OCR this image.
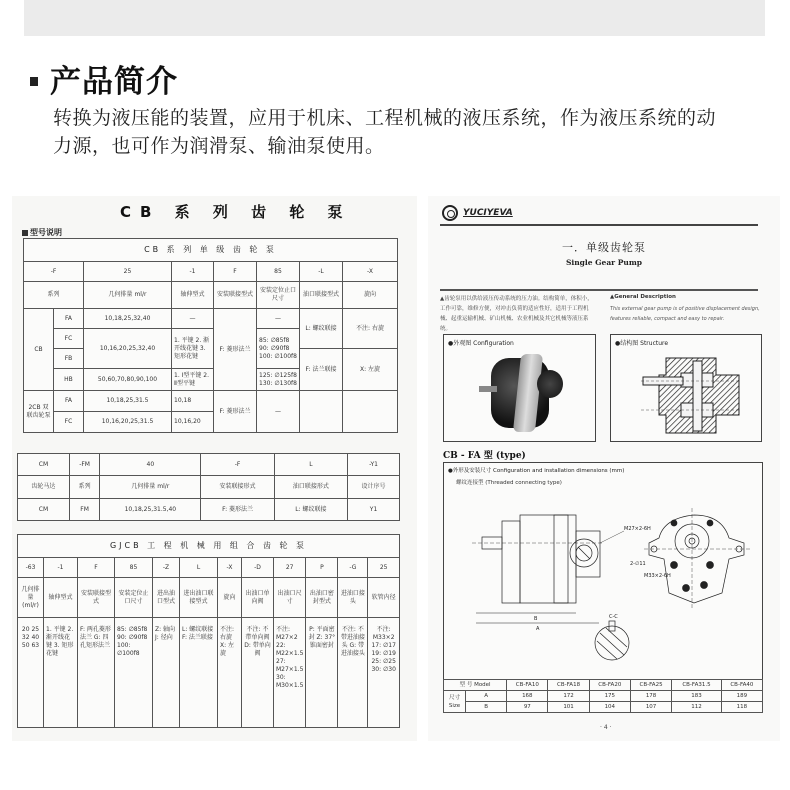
产品简介
转换为液压能的装置，应用于机床、工程机械的液压系统，作为液压系统的动力源，也可作为润滑泵、输油泵使用。
CB 系 列 齿 轮 泵
型号说明
CB 系 列 单 级 齿 轮 泵							
-F		25	-1	F	85	-L	-X
系列		几何排量 ml/r	轴伸型式	安装联接型式	安装定位止口尺寸	油口联接型式	旋向
CB	FA	10,18,25,32,40	—	F: 菱形法兰	—	L: 螺纹联接	不注: 右旋
	FC	10,16,20,25,32,40	1. 平键 2. 渐开线花键 3. 矩形花键		85: ∅85f8 90: ∅90f8 100: ∅100f8		
	FB					F: 法兰联接	X: 左旋
	HB	50,60,70,80,90,100	1. Ⅰ型平键 2. Ⅱ型平键		125: ∅125f8 130: ∅130f8		
2CB 双联齿轮泵	FA	10,18,25,31.5	10,18	F: 菱形法兰	—		
	FC	10,16,20,25,31.5	10,16,20				
CM	-FM	40	-F	L	-Y1
齿轮马达	系列	几何排量 ml/r	安装联接形式	油口联接形式	设计序号
CM	FM	10,18,25,31.5,40	F: 菱形法兰	L: 螺纹联接	Y1
GJCB 工 程 机 械 用 组 合 齿 轮 泵											
-63	-1	F	85	-Z	L	-X	-D	27	P	-G	25
几何排量 (ml/r)	轴伸型式	安装联接型式	安装定位止口尺寸	进出油口型式	进出油口联接型式	旋向	出油口单向阀	出油口尺寸	出油口密封型式	进油口接头	软管内径
20 25 32 40 50 63	1. 平键 2. 渐开线花键 3. 矩形花键	F: 两孔菱形法兰 G: 四孔矩形法兰	85: ∅85f8 90: ∅90f8 100: ∅100f8	Z: 轴向 J: 径向	L: 螺纹联接 F: 法兰联接	不注: 右旋 X: 左旋	不注: 不带单向阀 D: 带单向阀	不注: M27×2 22: M22×1.5 27: M27×1.5 30: M30×1.5	P: 平面密封 Z: 37° 锥面密封	不注: 不带进油接头 G: 带进油接头	不注: M33×2 17: ∅17 19: ∅19 25: ∅25 30: ∅30
YUCIYEVA
一．单级齿轮泵
Single Gear Pump
▲齿轮泵用以供给液压传动系统的压力油。结构简单，体积小，工作可靠，维修方便，对冲击负荷的适应性好，适用于工程机械、起重运输机械、矿山机械、农业机械及其它机械等液压系统。
▲General Description
This external gear pump is of positive displacement design, features reliable, compact and easy to repair.
●外观图 Configuration	●结构图 Structure
CB - FA 型 (type)
●外形及安装尺寸 Configuration and installation dimensions (mm)
螺纹连接型 (Threaded connecting type)
B
A
M27×2-6H
2-∅11
M33×2-6H
C-C
型 号 Model		CB-FA10	CB-FA18	CB-FA20	CB-FA25	CB-FA31.5	CB-FA40
尺寸 Size	A	168	172	175	178	183	189
	B	97	101	104	107	112	118
· 4 ·
